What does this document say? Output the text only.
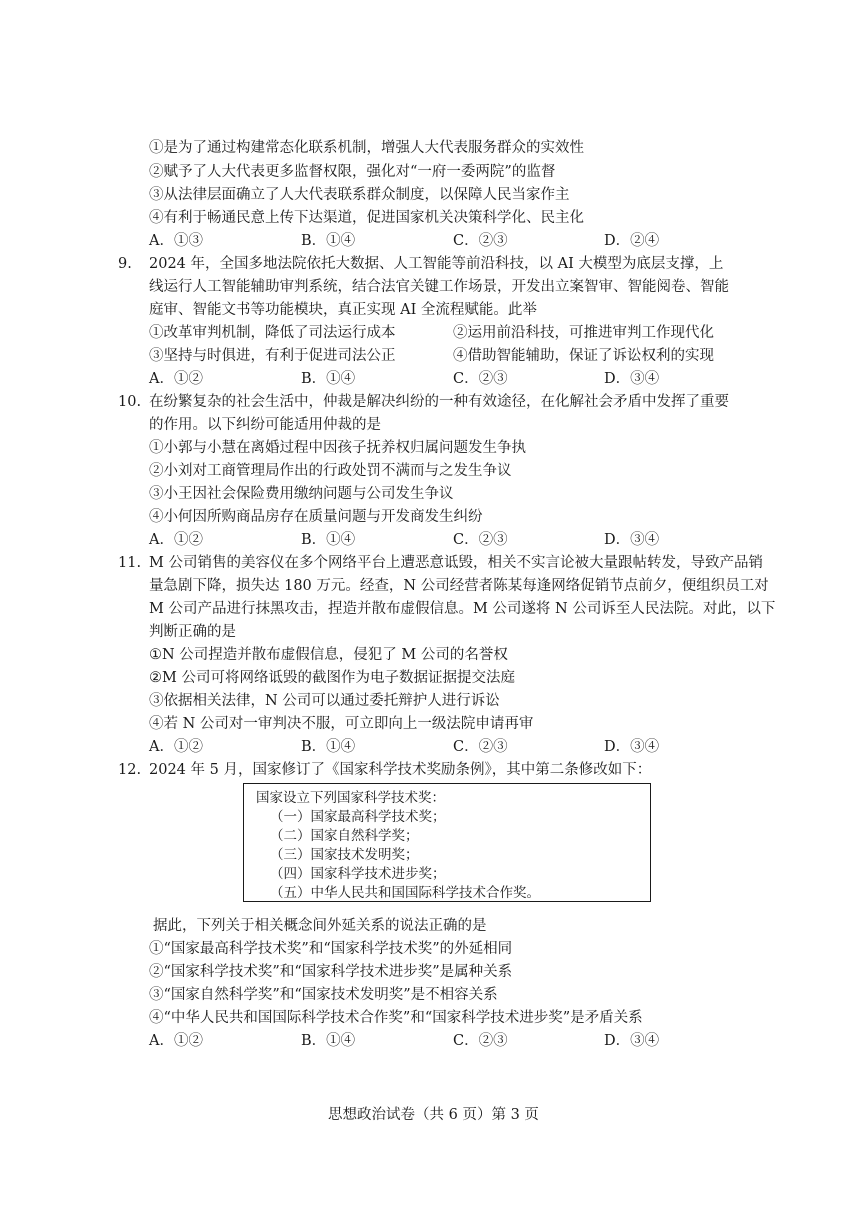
①是为了通过构建常态化联系机制，增强人大代表服务群众的实效性
②赋予了人大代表更多监督权限，强化对“一府一委两院”的监督
③从法律层面确立了人大代表联系群众制度，以保障人民当家作主
④有利于畅通民意上传下达渠道，促进国家机关决策科学化、民主化
A．①③	B．①④	C．②③	D．②④
9. 2024 年，全国多地法院依托大数据、人工智能等前沿科技，以 AI 大模型为底层支撑，上
线运行人工智能辅助审判系统，结合法官关键工作场景，开发出立案智审、智能阅卷、智能
庭审、智能文书等功能模块，真正实现 AI 全流程赋能。此举
①改革审判机制，降低了司法运行成本	②运用前沿科技，可推进审判工作现代化
③坚持与时俱进，有利于促进司法公正	④借助智能辅助，保证了诉讼权利的实现
A．①②	B．①④	C．②③	D．③④
10. 在纷繁复杂的社会生活中，仲裁是解决纠纷的一种有效途径，在化解社会矛盾中发挥了重要
的作用。以下纠纷可能适用仲裁的是
①小郭与小慧在离婚过程中因孩子抚养权归属问题发生争执
②小刘对工商管理局作出的行政处罚不满而与之发生争议
③小王因社会保险费用缴纳问题与公司发生争议
④小何因所购商品房存在质量问题与开发商发生纠纷
A．①②	B．①④	C．②③	D．③④
11. M 公司销售的美容仪在多个网络平台上遭恶意诋毁，相关不实言论被大量跟帖转发，导致产品销
量急剧下降，损失达 180 万元。经查，N 公司经营者陈某每逢网络促销节点前夕，便组织员工对
M 公司产品进行抹黑攻击，捏造并散布虚假信息。M 公司遂将 N 公司诉至人民法院。对此，以下
判断正确的是
①N 公司捏造并散布虚假信息，侵犯了 M 公司的名誉权
②M 公司可将网络诋毁的截图作为电子数据证据提交法庭
③依据相关法律，N 公司可以通过委托辩护人进行诉讼
④若 N 公司对一审判决不服，可立即向上一级法院申请再审
A．①②	B．①④	C．②③	D．③④
12. 2024 年 5 月，国家修订了《国家科学技术奖励条例》，其中第二条修改如下：
国家设立下列国家科学技术奖：
（一）国家最高科学技术奖；
（二）国家自然科学奖；
（三）国家技术发明奖；
（四）国家科学技术进步奖；
（五）中华人民共和国国际科学技术合作奖。
据此，下列关于相关概念间外延关系的说法正确的是
①“国家最高科学技术奖”和“国家科学技术奖”的外延相同
②“国家科学技术奖”和“国家科学技术进步奖”是属种关系
③“国家自然科学奖”和“国家技术发明奖”是不相容关系
④“中华人民共和国国际科学技术合作奖”和“国家科学技术进步奖”是矛盾关系
A．①②	B．①④	C．②③	D．③④
思想政治试卷（共 6 页）第 3 页
